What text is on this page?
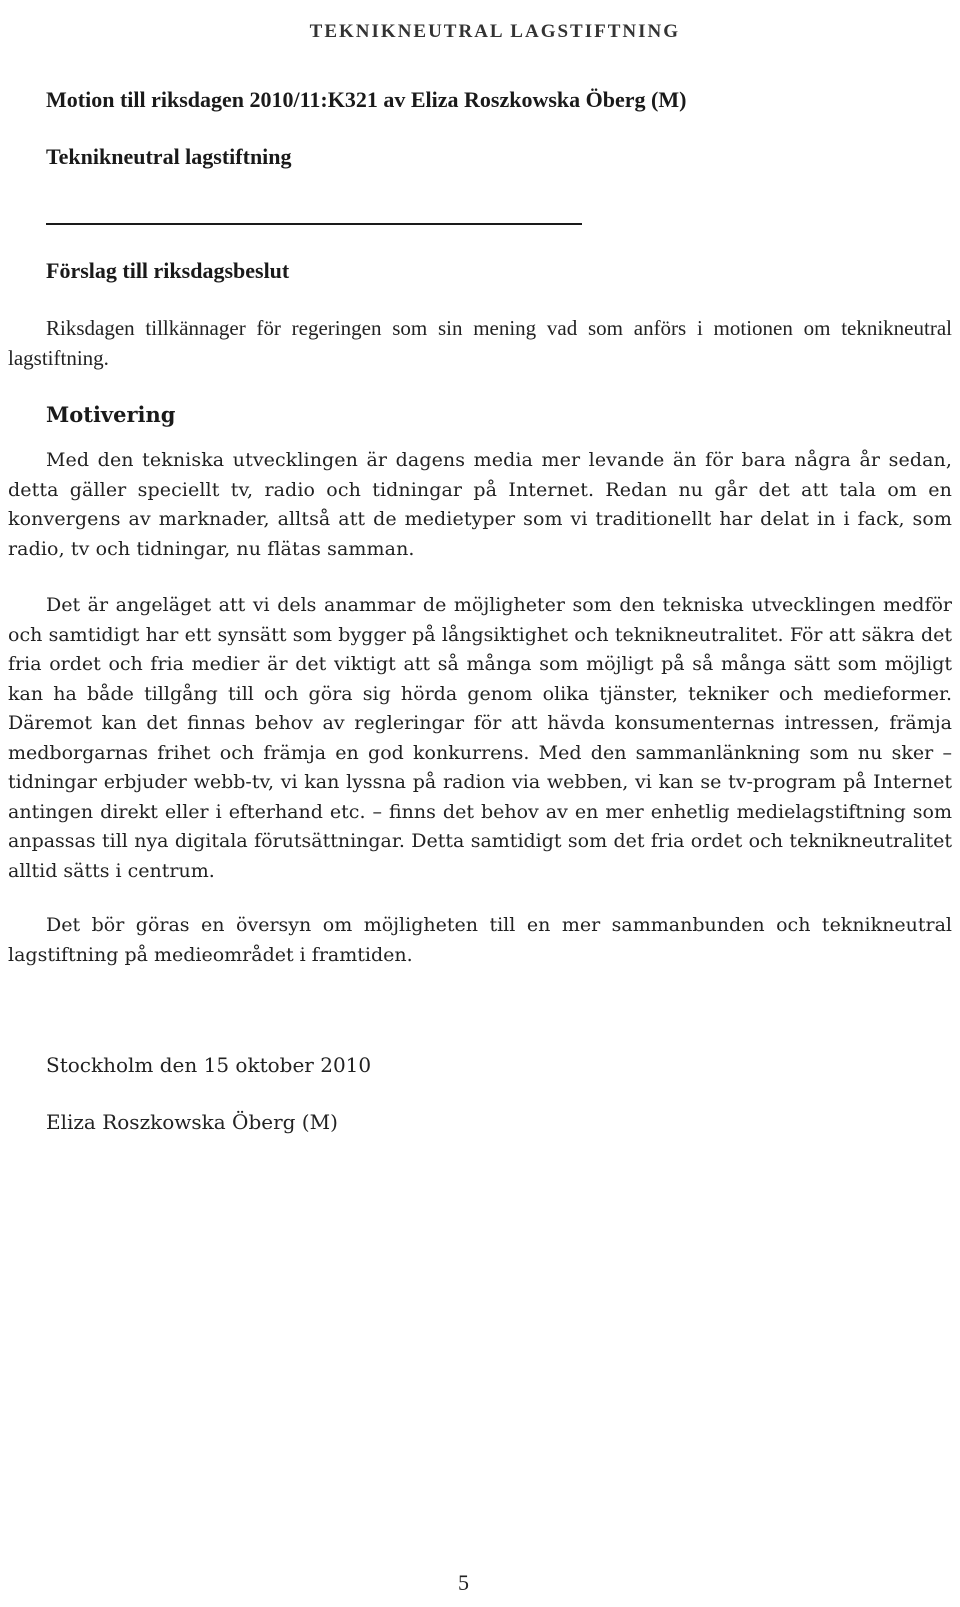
TEKNIKNEUTRAL LAGSTIFTNING
Motion till riksdagen 2010/11:K321 av Eliza Roszkowska Öberg (M)
Teknikneutral lagstiftning
Förslag till riksdagsbeslut

Riksdagen tillkännager för regeringen som sin mening vad som anförs i motionen om teknikneutral lagstiftning.

Motivering

Med den tekniska utvecklingen är dagens media mer levande än för bara några år sedan, detta gäller speciellt tv, radio och tidningar på Internet. Redan nu går det att tala om en konvergens av marknader, alltså att de medietyper som vi traditionellt har delat in i fack, som radio, tv och tidningar, nu flätas samman.

Det är angeläget att vi dels anammar de möjligheter som den tekniska utvecklingen medför och samtidigt har ett synsätt som bygger på långsiktighet och teknikneutralitet. För att säkra det fria ordet och fria medier är det viktigt att så många som möjligt på så många sätt som möjligt kan ha både tillgång till och göra sig hörda genom olika tjänster, tekniker och medieformer. Däremot kan det finnas behov av regleringar för att hävda konsumenternas intressen, främja medborgarnas frihet och främja en god konkurrens. Med den sammanlänkning som nu sker – tidningar erbjuder webb-tv, vi kan lyssna på radion via webben, vi kan se tv-program på Internet antingen direkt eller i efterhand etc. – finns det behov av en mer enhetlig medielagstiftning som anpassas till nya digitala förutsättningar. Detta samtidigt som det fria ordet och teknikneutralitet alltid sätts i centrum.

Det bör göras en översyn om möjligheten till en mer sammanbunden och teknikneutral lagstiftning på medieområdet i framtiden.

Stockholm den 15 oktober 2010

Eliza Roszkowska Öberg (M)

5
